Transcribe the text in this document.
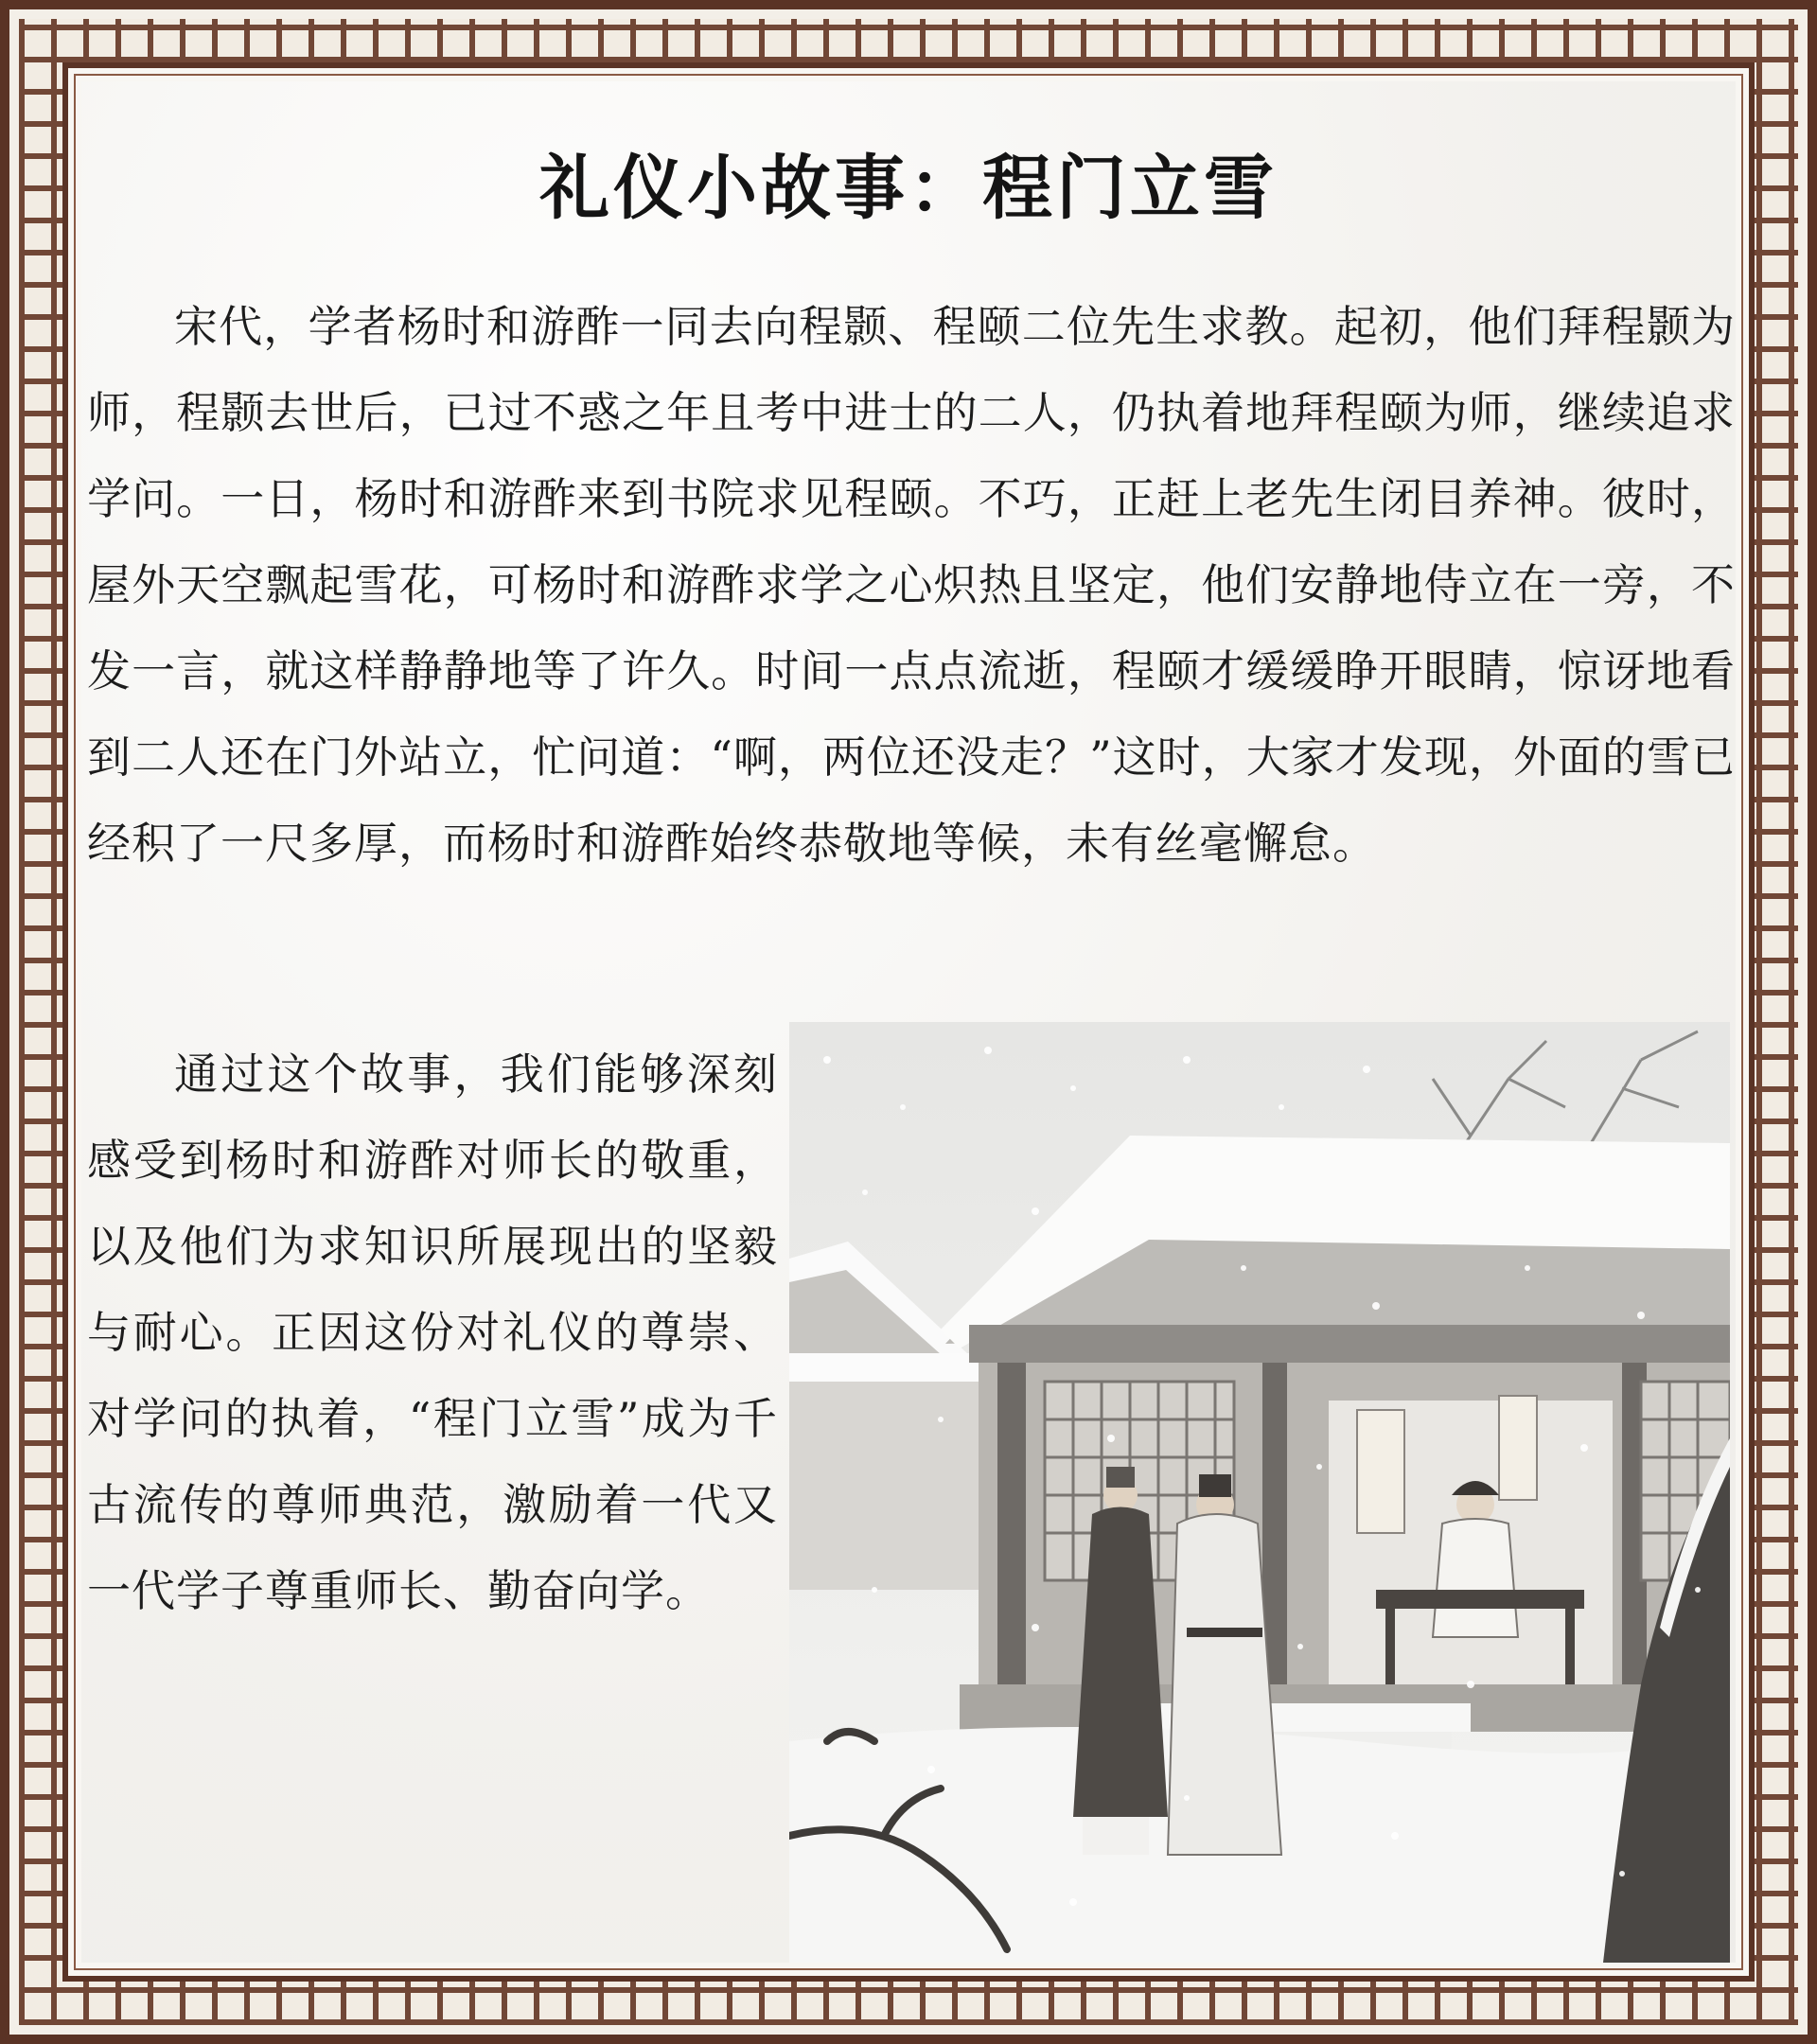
礼仪小故事：程门立雪

宋代，学者杨时和游酢一同去向程颢、程颐二位先生求教。起初，他们拜程颢为师，程颢去世后，已过不惑之年且考中进士的二人，仍执着地拜程颐为师，继续追求学问。一日，杨时和游酢来到书院求见程颐。不巧，正赶上老先生闭目养神。彼时，屋外天空飘起雪花，可杨时和游酢求学之心炽热且坚定，他们安静地侍立在一旁，不发一言，就这样静静地等了许久。时间一点点流逝，程颐才缓缓睁开眼睛，惊讶地看到二人还在门外站立，忙问道：“啊，两位还没走？”这时，大家才发现，外面的雪已经积了一尺多厚，而杨时和游酢始终恭敬地等候，未有丝毫懈怠。

通过这个故事，我们能够深刻感受到杨时和游酢对师长的敬重，以及他们为求知识所展现出的坚毅与耐心。正因这份对礼仪的尊崇、对学问的执着，“程门立雪”成为千古流传的尊师典范，激励着一代又一代学子尊重师长、勤奋向学。
